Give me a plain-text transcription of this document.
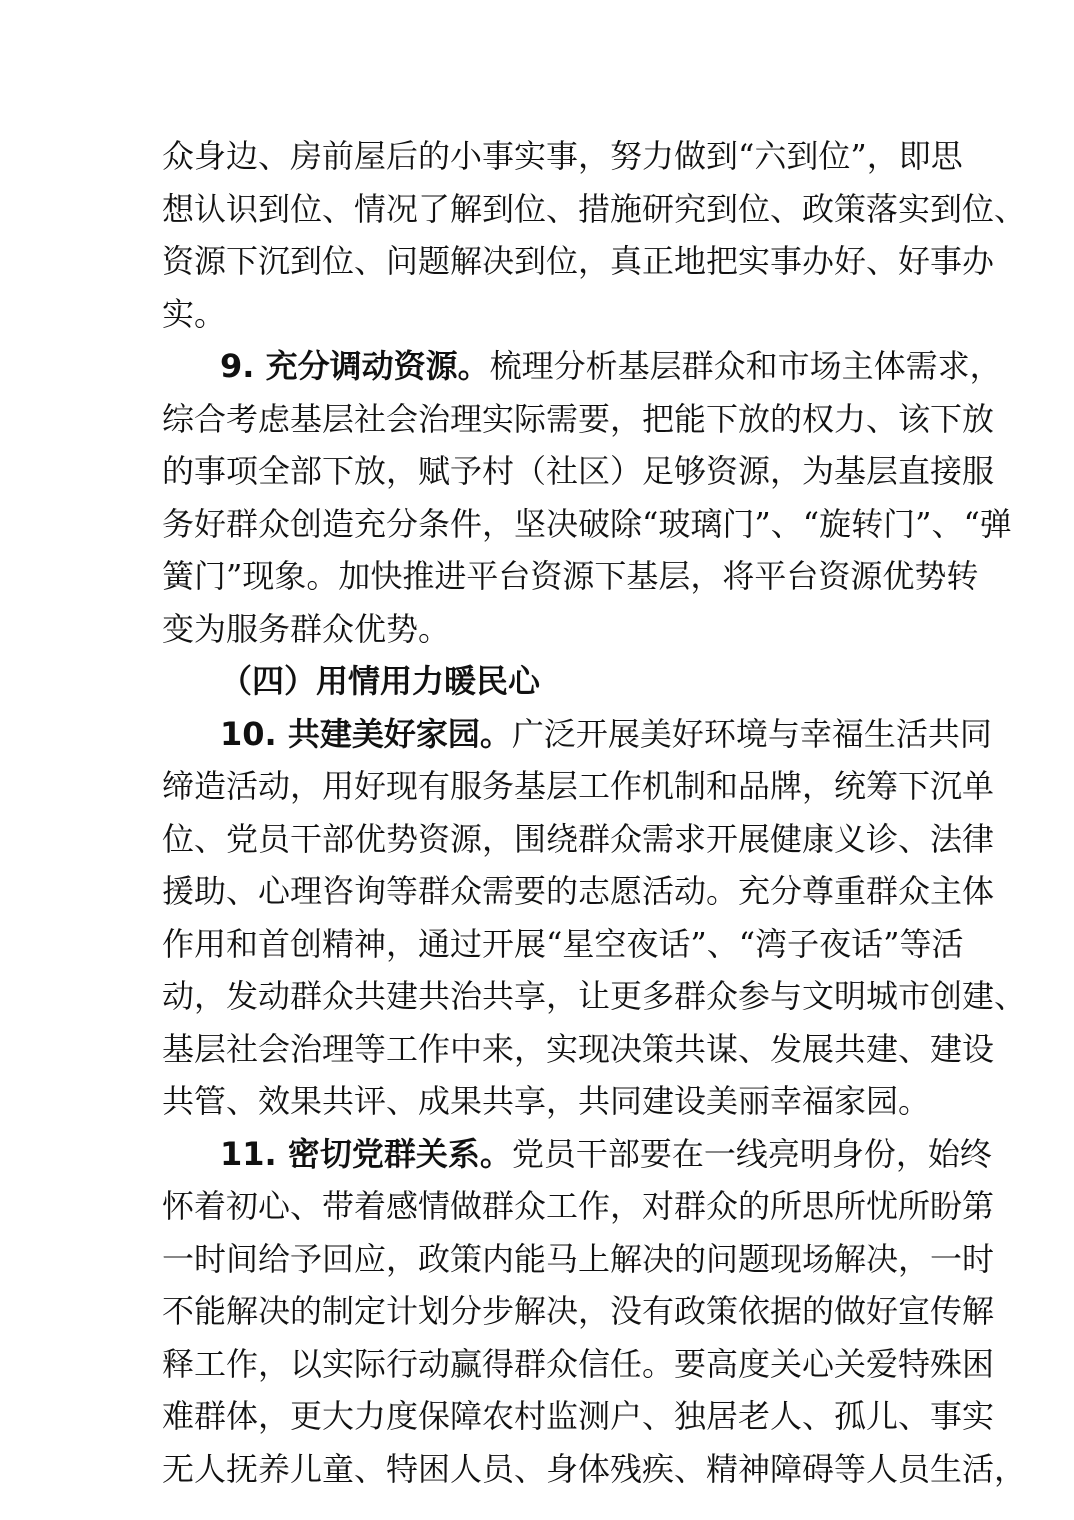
众身边、房前屋后的小事实事，努力做到“六到位”，即思
想认识到位、情况了解到位、措施研究到位、政策落实到位、
资源下沉到位、问题解决到位，真正地把实事办好、好事办
实。
9. 充分调动资源。梳理分析基层群众和市场主体需求，
综合考虑基层社会治理实际需要，把能下放的权力、该下放
的事项全部下放，赋予村（社区）足够资源，为基层直接服
务好群众创造充分条件，坚决破除“玻璃门”、“旋转门”、“弹
簧门”现象。加快推进平台资源下基层，将平台资源优势转
变为服务群众优势。
（四）用情用力暖民心
10. 共建美好家园。广泛开展美好环境与幸福生活共同
缔造活动，用好现有服务基层工作机制和品牌，统筹下沉单
位、党员干部优势资源，围绕群众需求开展健康义诊、法律
援助、心理咨询等群众需要的志愿活动。充分尊重群众主体
作用和首创精神，通过开展“星空夜话”、“湾子夜话”等活
动，发动群众共建共治共享，让更多群众参与文明城市创建、
基层社会治理等工作中来，实现决策共谋、发展共建、建设
共管、效果共评、成果共享，共同建设美丽幸福家园。
11. 密切党群关系。党员干部要在一线亮明身份，始终
怀着初心、带着感情做群众工作，对群众的所思所忧所盼第
一时间给予回应，政策内能马上解决的问题现场解决，一时
不能解决的制定计划分步解决，没有政策依据的做好宣传解
释工作，以实际行动赢得群众信任。要高度关心关爱特殊困
难群体，更大力度保障农村监测户、独居老人、孤儿、事实
无人抚养儿童、特困人员、身体残疾、精神障碍等人员生活，
